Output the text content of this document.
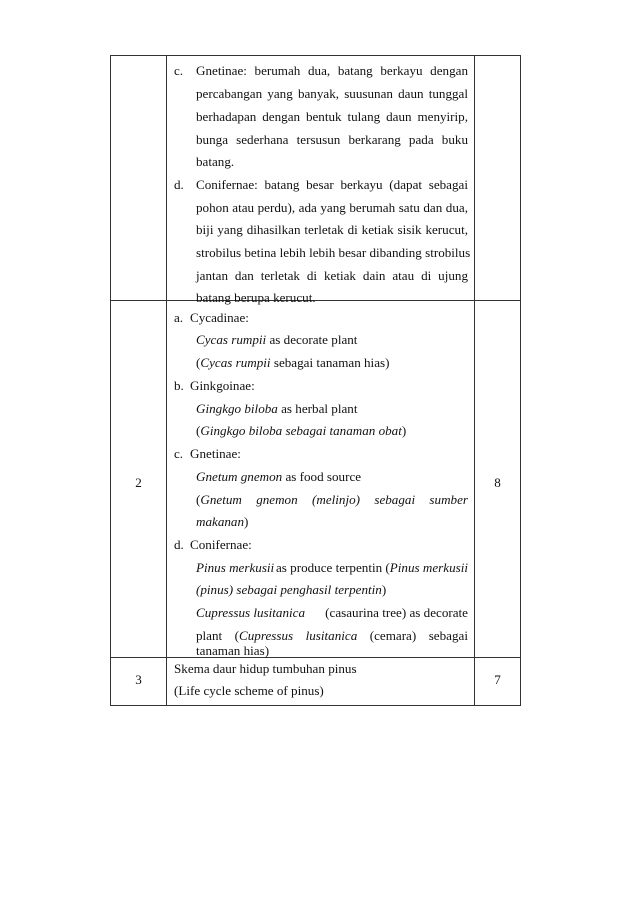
c. Gnetinae: berumah dua, batang berkayu dengan
percabangan yang banyak, suusunan daun tunggal
berhadapan dengan bentuk tulang daun menyirip,
bunga sederhana tersusun berkarang pada buku
batang.
d. Conifernae: batang besar berkayu (dapat sebagai
pohon atau perdu), ada yang berumah satu dan dua,
biji yang dihasilkan terletak di ketiak sisik kerucut,
strobilus betina lebih lebih besar dibanding strobilus
jantan dan terletak di ketiak dain atau di ujung
batang berupa kerucut.
2	8
a. Cycadinae:
Cycas rumpii as decorate plant
(Cycas rumpii sebagai tanaman hias)
b. Ginkgoinae:
Gingkgo biloba as herbal plant
(Gingkgo biloba sebagai tanaman obat)
c. Gnetinae:
Gnetum gnemon as food source
(Gnetum gnemon (melinjo) sebagai sumber
makanan)
d. Conifernae:
Pinus merkusii as produce terpentin (Pinus merkusii
(pinus) sebagai penghasil terpentin)
Cupressus lusitanica (casaurina tree) as decorate
plant (Cupressus lusitanica (cemara) sebagai
tanaman hias)
3	7
Skema daur hidup tumbuhan pinus
(Life cycle scheme of pinus)
